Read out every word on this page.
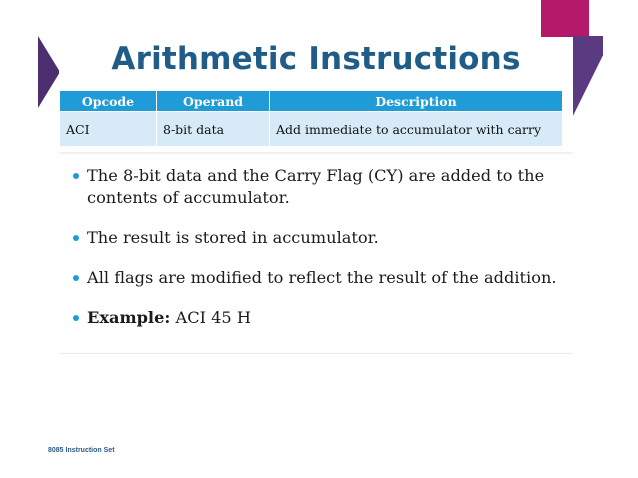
Arithmetic Instructions
Opcode	Operand	Description
ACI	8-bit data	Add immediate to accumulator with carry
The 8-bit data and the Carry Flag (CY) are added to the contents of accumulator.
The result is stored in accumulator.
All flags are modified to reflect the result of the addition.
Example: ACI 45 H
8085 Instruction Set
